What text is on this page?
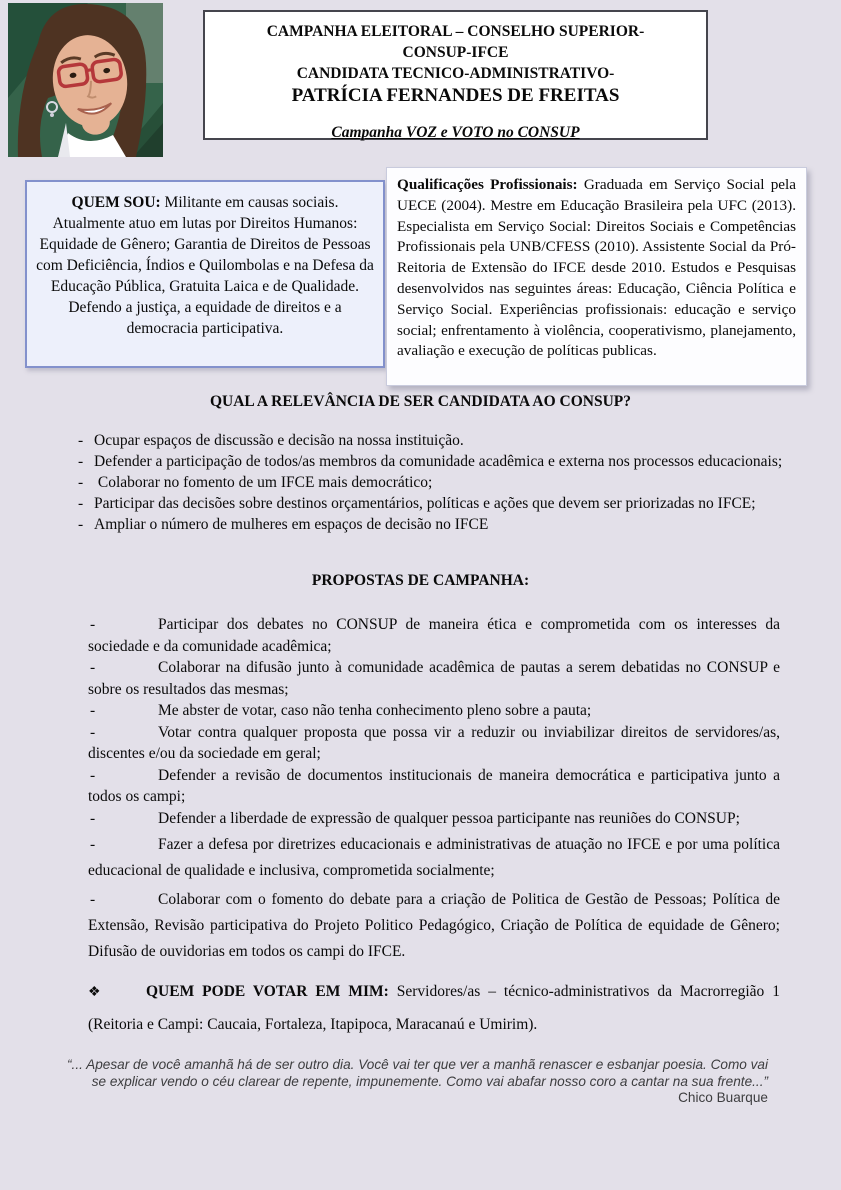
CAMPANHA ELEITORAL – CONSELHO SUPERIOR-
CONSUP-IFCE
CANDIDATA TECNICO-ADMINISTRATIVO-
PATRÍCIA FERNANDES DE FREITAS
Campanha VOZ e VOTO no CONSUP
QUEM SOU: Militante em causas sociais. Atualmente atuo em lutas por Direitos Humanos: Equidade de Gênero; Garantia de Direitos de Pessoas com Deficiência, Índios e Quilombolas e na Defesa da Educação Pública, Gratuita Laica e de Qualidade. Defendo a justiça, a equidade de direitos e a democracia participativa.
Qualificações Profissionais: Graduada em Serviço Social pela UECE (2004). Mestre em Educação Brasileira pela UFC (2013). Especialista em Serviço Social: Direitos Sociais e Competências Profissionais pela UNB/CFESS (2010). Assistente Social da Pró-Reitoria de Extensão do IFCE desde 2010. Estudos e Pesquisas desenvolvidos nas seguintes áreas: Educação, Ciência Política e Serviço Social. Experiências profissionais: educação e serviço social; enfrentamento à violência, cooperativismo, planejamento, avaliação e execução de políticas publicas.
QUAL A RELEVÂNCIA DE SER CANDIDATA AO CONSUP?

- Ocupar espaços de discussão e decisão na nossa instituição.

- Defender a participação de todos/as membros da comunidade acadêmica e externa nos processos educacionais;

- Colaborar no fomento de um IFCE mais democrático;

- Participar das decisões sobre destinos orçamentários, políticas e ações que devem ser priorizadas no IFCE;

- Ampliar o número de mulheres em espaços de decisão no IFCE

PROPOSTAS DE CAMPANHA:

-	Participar dos debates no CONSUP de maneira ética e comprometida com os interesses da sociedade e da comunidade acadêmica;

-	Colaborar na difusão junto à comunidade acadêmica de pautas a serem debatidas no CONSUP e sobre os resultados das mesmas;

-	Me abster de votar, caso não tenha conhecimento pleno sobre a pauta;

-	Votar contra qualquer proposta que possa vir a reduzir ou inviabilizar direitos de servidores/as, discentes e/ou da sociedade em geral;

-	Defender a revisão de documentos institucionais de maneira democrática e participativa junto a todos os campi;

-	Defender a liberdade de expressão de qualquer pessoa participante nas reuniões do CONSUP;

-	Fazer a defesa por diretrizes educacionais e administrativas de atuação no IFCE e por uma política educacional de qualidade e inclusiva, comprometida socialmente;

-	Colaborar com o fomento do debate para a criação de Politica de Gestão de Pessoas; Política de Extensão, Revisão participativa do Projeto Politico Pedagógico, Criação de Política de equidade de Gênero; Difusão de ouvidorias em todos os campi do IFCE.

❖	QUEM PODE VOTAR EM MIM: Servidores/as – técnico-administrativos da Macrorregião 1 (Reitoria e Campi: Caucaia, Fortaleza, Itapipoca, Maracanaú e Umirim).
“... Apesar de você amanhã há de ser outro dia. Você vai ter que ver a manhã renascer e esbanjar poesia. Como vai se explicar vendo o céu clarear de repente, impunemente. Como vai abafar nosso coro a cantar na sua frente...” Chico Buarque
